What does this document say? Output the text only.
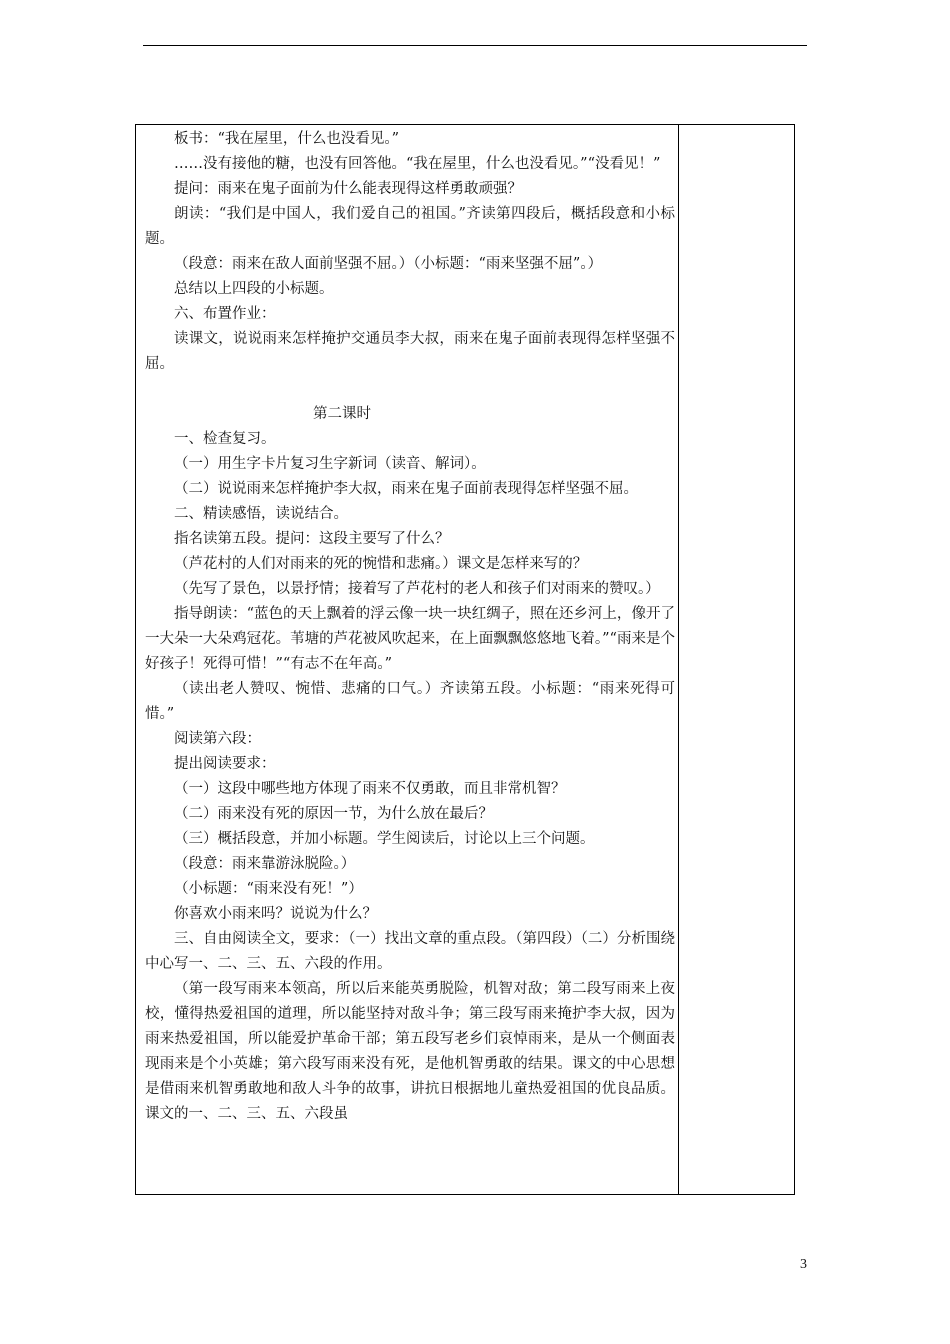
板书：“我在屋里，什么也没看见。”

……没有接他的糖，也没有回答他。“我在屋里，什么也没看见。”“没看见！”

提问：雨来在鬼子面前为什么能表现得这样勇敢顽强？

朗读：“我们是中国人，我们爱自己的祖国。”齐读第四段后，概括段意和小标题。

（段意：雨来在敌人面前坚强不屈。）（小标题：“雨来坚强不屈”。）

总结以上四段的小标题。

六、布置作业：

读课文，说说雨来怎样掩护交通员李大叔，雨来在鬼子面前表现得怎样坚强不屈。

第二课时

一、检查复习。

（一）用生字卡片复习生字新词（读音、解词）。

（二）说说雨来怎样掩护李大叔，雨来在鬼子面前表现得怎样坚强不屈。

二、精读感悟，读说结合。

指名读第五段。提问：这段主要写了什么？

（芦花村的人们对雨来的死的惋惜和悲痛。）课文是怎样来写的？

（先写了景色，以景抒情；接着写了芦花村的老人和孩子们对雨来的赞叹。）

指导朗读：“蓝色的天上飘着的浮云像一块一块红绸子，照在还乡河上，像开了一大朵一大朵鸡冠花。苇塘的芦花被风吹起来，在上面飘飘悠悠地飞着。”“雨来是个好孩子！死得可惜！”“有志不在年高。”

（读出老人赞叹、惋惜、悲痛的口气。）齐读第五段。小标题：“雨来死得可惜。”

阅读第六段：

提出阅读要求：

（一）这段中哪些地方体现了雨来不仅勇敢，而且非常机智？

（二）雨来没有死的原因一节，为什么放在最后？

（三）概括段意，并加小标题。学生阅读后，讨论以上三个问题。

（段意：雨来靠游泳脱险。）

（小标题：“雨来没有死！”）

你喜欢小雨来吗？说说为什么？

三、自由阅读全文，要求：（一）找出文章的重点段。（第四段）（二）分析围绕中心写一、二、三、五、六段的作用。

（第一段写雨来本领高，所以后来能英勇脱险，机智对敌；第二段写雨来上夜校，懂得热爱祖国的道理，所以能坚持对敌斗争；第三段写雨来掩护李大叔，因为雨来热爱祖国，所以能爱护革命干部；第五段写老乡们哀悼雨来，是从一个侧面表现雨来是个小英雄；第六段写雨来没有死，是他机智勇敢的结果。课文的中心思想是借雨来机智勇敢地和敌人斗争的故事，讲抗日根据地儿童热爱祖国的优良品质。课文的一、二、三、五、六段虽

3
